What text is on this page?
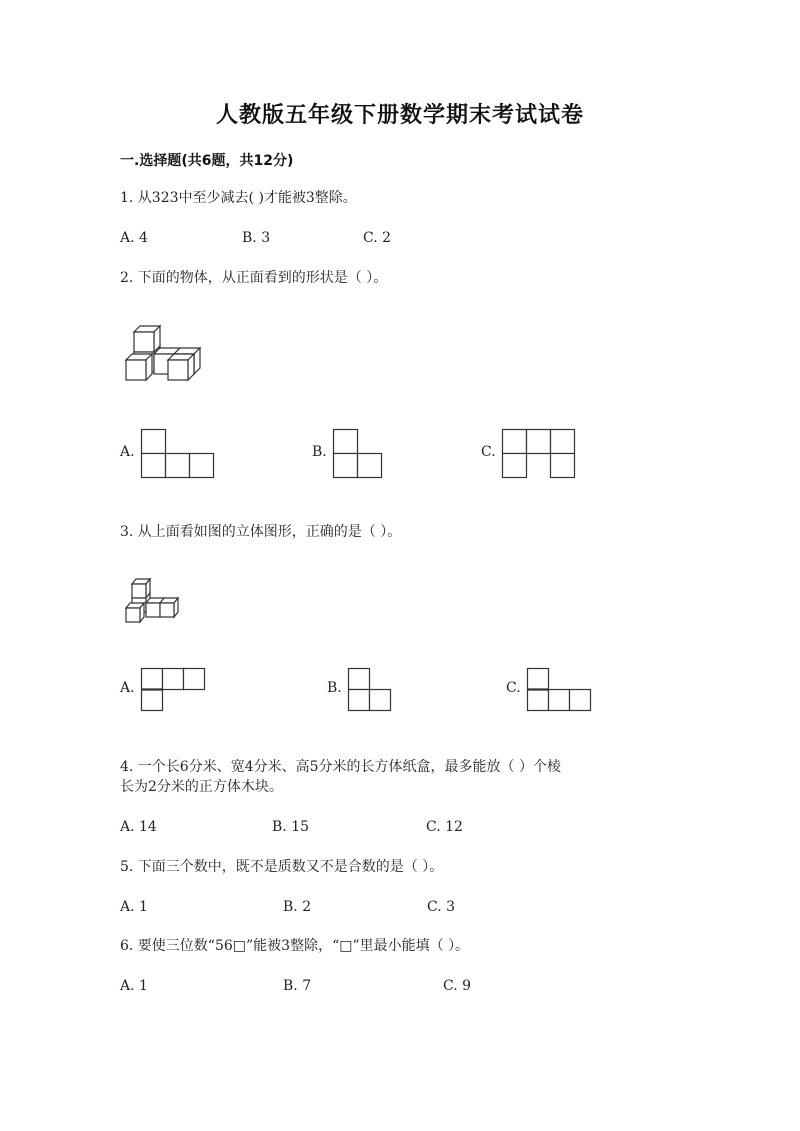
人教版五年级下册数学期末考试试卷
一.选择题(共6题，共12分)
1. 从323中至少减去( )才能被3整除。
A. 4	B. 3	C. 2
2. 下面的物体，从正面看到的形状是（ ）。
A.	B.	C.
3. 从上面看如图的立体图形，正确的是（ ）。
A.	B.	C.
4. 一个长6分米、宽4分米、高5分米的长方体纸盒，最多能放（ ）个棱
长为2分米的正方体木块。
A. 14	B. 15	C. 12
5. 下面三个数中，既不是质数又不是合数的是（ ）。
A. 1	B. 2	C. 3
6. 要使三位数“56□”能被3整除，“□”里最小能填（ ）。
A. 1	B. 7	C. 9
